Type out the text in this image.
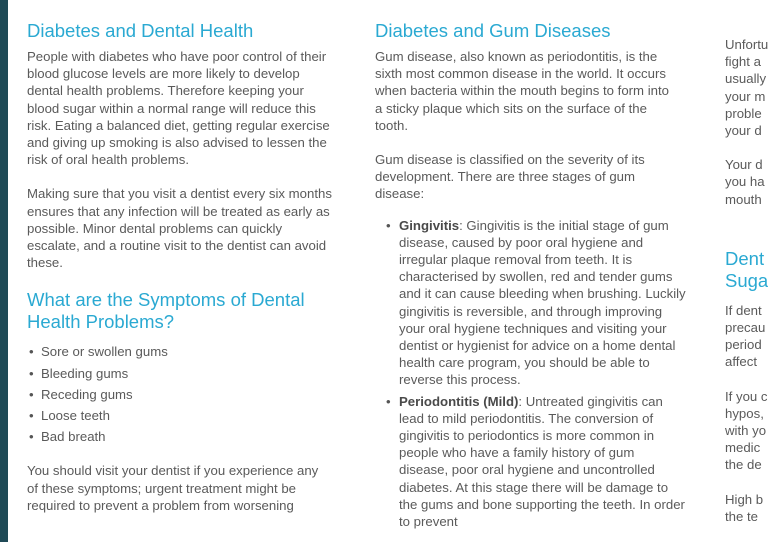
Diabetes and Dental Health

People with diabetes who have poor control of their blood glucose levels are more likely to develop dental health problems. Therefore keeping your blood sugar within a normal range will reduce this risk. Eating a balanced diet, getting regular exercise and giving up smoking is also advised to lessen the risk of oral health problems.

Making sure that you visit a dentist every six months ensures that any infection will be treated as early as possible. Minor dental problems can quickly escalate, and a routine visit to the dentist can avoid these.

What are the Symptoms of Dental Health Problems?
• Sore or swollen gums
• Bleeding gums
• Receding gums
• Loose teeth
• Bad breath

You should visit your dentist if you experience any of these symptoms; urgent treatment might be required to prevent a problem from worsening

Diabetes and Gum Diseases

Gum disease, also known as periodontitis, is the sixth most common disease in the world. It occurs when bacteria within the mouth begins to form into a sticky plaque which sits on the surface of the tooth.

Gum disease is classified on the severity of its development. There are three stages of gum disease:

• Gingivitis: Gingivitis is the initial stage of gum disease, caused by poor oral hygiene and irregular plaque removal from teeth. It is characterised by swollen, red and tender gums and it can cause bleeding when brushing. Luckily gingivitis is reversible, and through improving your oral hygiene techniques and visiting your dentist or hygienist for advice on a home dental health care program, you should be able to reverse this process.
• Periodontitis (Mild): Untreated gingivitis can lead to mild periodontitis. The conversion of gingivitis to periodontics is more common in people who have a family history of gum disease, poor oral hygiene and uncontrolled diabetes. At this stage there will be damage to the gums and bone supporting the teeth. In order to prevent

Unfortu
fight a
usually
your m
proble
your d

Your d
you ha
mouth

Dent
Suga

If dent
precau
period
affect

If you c
hypos,
with yo
medic
the de

High b
the te
